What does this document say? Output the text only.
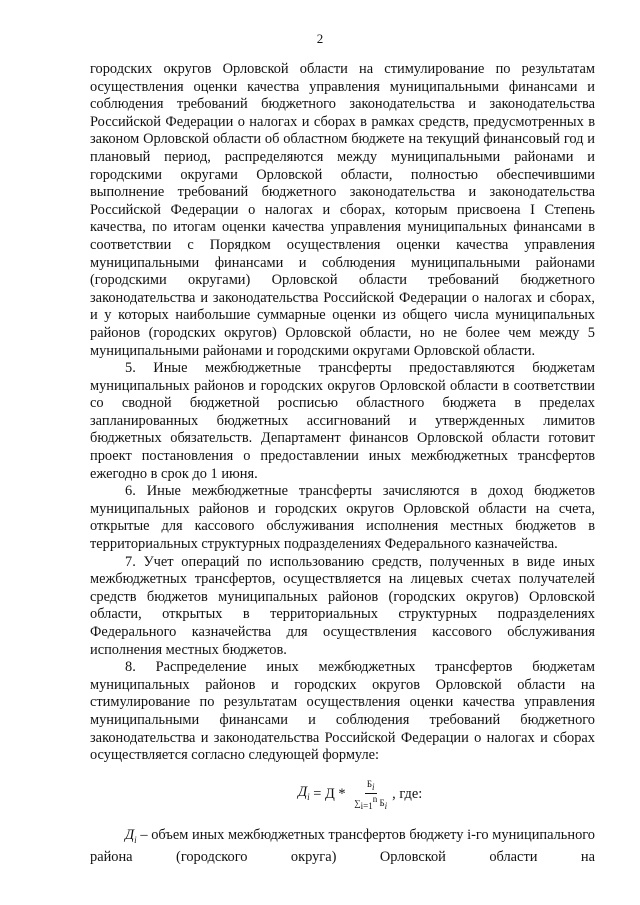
2

городских округов Орловской области на стимулирование по результатам осуществления оценки качества управления муниципальными финансами и соблюдения требований бюджетного законодательства и законодательства Российской Федерации о налогах и сборах в рамках средств, предусмотренных в законом Орловской области об областном бюджете на текущий финансовый год и плановый период, распределяются между муниципальными районами и городскими округами Орловской области, полностью обеспечившими выполнение требований бюджетного законодательства и законодательства Российской Федерации о налогах и сборах, которым присвоена I Степень качества, по итогам оценки качества управления муниципальных финансами в соответствии с Порядком осуществления оценки качества управления муниципальными финансами и соблюдения муниципальными районами (городскими округами) Орловской области требований бюджетного законодательства и законодательства Российской Федерации о налогах и сборах, и у которых наибольшие суммарные оценки из общего числа муниципальных районов (городских округов) Орловской области, но не более чем между 5 муниципальными районами и городскими округами Орловской области.

5. Иные межбюджетные трансферты предоставляются бюджетам муниципальных районов и городских округов Орловской области в соответствии со сводной бюджетной росписью областного бюджета в пределах запланированных бюджетных ассигнований и утвержденных лимитов бюджетных обязательств. Департамент финансов Орловской области готовит проект постановления о предоставлении иных межбюджетных трансфертов ежегодно в срок до 1 июня.

6. Иные межбюджетные трансферты зачисляются в доход бюджетов муниципальных районов и городских округов Орловской области на счета, открытые для кассового обслуживания исполнения местных бюджетов в территориальных структурных подразделениях Федерального казначейства.

7. Учет операций по использованию средств, полученных в виде иных межбюджетных трансфертов, осуществляется на лицевых счетах получателей средств бюджетов муниципальных районов (городских округов) Орловской области, открытых в территориальных структурных подразделениях Федерального казначейства для осуществления кассового обслуживания исполнения местных бюджетов.

8. Распределение иных межбюджетных трансфертов бюджетам муниципальных районов и городских округов Орловской области на стимулирование по результатам осуществления оценки качества управления муниципальными финансами и соблюдения требований бюджетного законодательства и законодательства Российской Федерации о налогах и сборах осуществляется согласно следующей формуле:

$Д_i = Д * \frac{Б_i}{\sum_{i=1}^n Б_i}$ , где:

$Д_i$ – объем иных межбюджетных трансфертов бюджету i-го муниципального района (городского округа) Орловской области на
